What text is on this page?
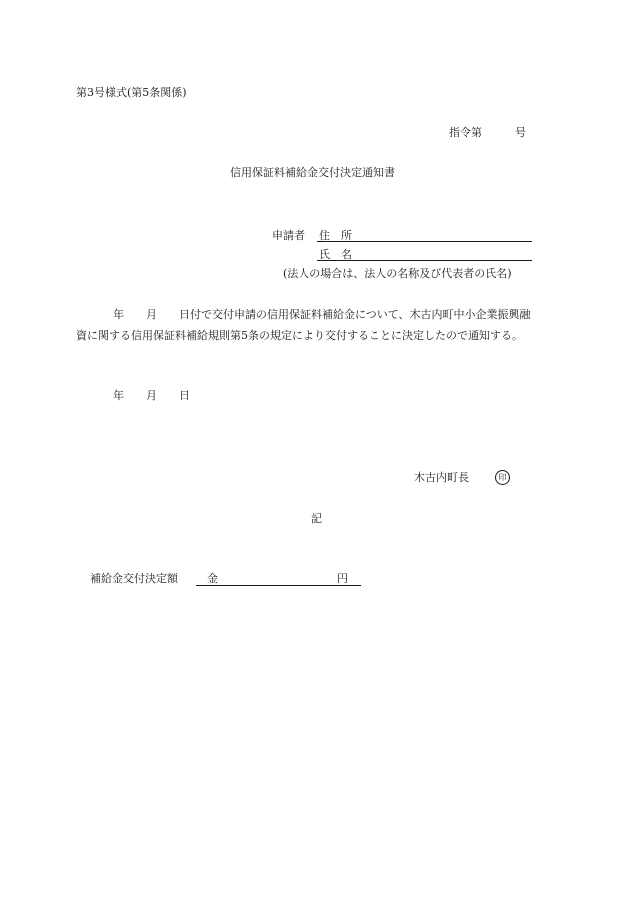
第3号様式(第5条関係)
指令第　　　号
信用保証料補給金交付決定通知書
申請者 住　所
氏　名
(法人の場合は、法人の名称及び代表者の氏名)
年　　月　　日付で交付申請の信用保証料補給金について、木古内町中小企業振興融
資に関する信用保証料補給規則第5条の規定により交付することに決定したので通知する。
年　　月　　日
木古内町長	印
記
補給金交付決定額	金	円
